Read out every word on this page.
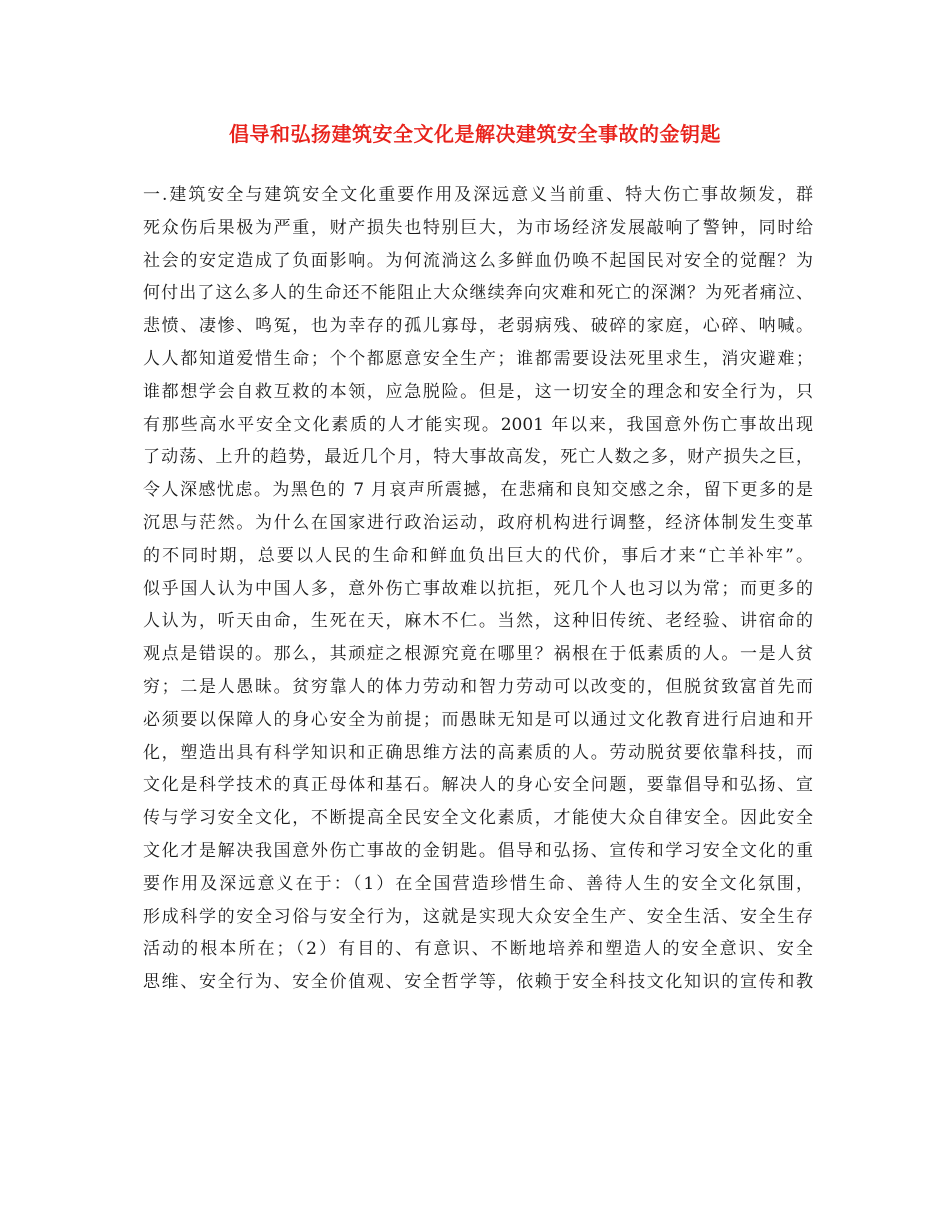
倡导和弘扬建筑安全文化是解决建筑安全事故的金钥匙
一.建筑安全与建筑安全文化重要作用及深远意义当前重、特大伤亡事故频发，群
死众伤后果极为严重，财产损失也特别巨大，为市场经济发展敲响了警钟，同时给
社会的安定造成了负面影响。为何流淌这么多鲜血仍唤不起国民对安全的觉醒？为
何付出了这么多人的生命还不能阻止大众继续奔向灾难和死亡的深渊？为死者痛泣、
悲愤、凄惨、鸣冤，也为幸存的孤儿寡母，老弱病残、破碎的家庭，心碎、呐喊。
人人都知道爱惜生命；个个都愿意安全生产；谁都需要设法死里求生，消灾避难；
谁都想学会自救互救的本领，应急脱险。但是，这一切安全的理念和安全行为，只
有那些高水平安全文化素质的人才能实现。2001 年以来，我国意外伤亡事故出现
了动荡、上升的趋势，最近几个月，特大事故高发，死亡人数之多，财产损失之巨，
令人深感忧虑。为黑色的 7 月哀声所震撼，在悲痛和良知交感之余，留下更多的是
沉思与茫然。为什么在国家进行政治运动，政府机构进行调整，经济体制发生变革
的不同时期，总要以人民的生命和鲜血负出巨大的代价，事后才来“亡羊补牢”。
似乎国人认为中国人多，意外伤亡事故难以抗拒，死几个人也习以为常；而更多的
人认为，听天由命，生死在天，麻木不仁。当然，这种旧传统、老经验、讲宿命的
观点是错误的。那么，其顽症之根源究竟在哪里？祸根在于低素质的人。一是人贫
穷；二是人愚昧。贫穷靠人的体力劳动和智力劳动可以改变的，但脱贫致富首先而
必须要以保障人的身心安全为前提；而愚昧无知是可以通过文化教育进行启迪和开
化，塑造出具有科学知识和正确思维方法的高素质的人。劳动脱贫要依靠科技，而
文化是科学技术的真正母体和基石。解决人的身心安全问题，要靠倡导和弘扬、宣
传与学习安全文化，不断提高全民安全文化素质，才能使大众自律安全。因此安全
文化才是解决我国意外伤亡事故的金钥匙。倡导和弘扬、宣传和学习安全文化的重
要作用及深远意义在于：（1）在全国营造珍惜生命、善待人生的安全文化氛围，
形成科学的安全习俗与安全行为，这就是实现大众安全生产、安全生活、安全生存
活动的根本所在；（2）有目的、有意识、不断地培养和塑造人的安全意识、安全
思维、安全行为、安全价值观、安全哲学等，依赖于安全科技文化知识的宣传和教
